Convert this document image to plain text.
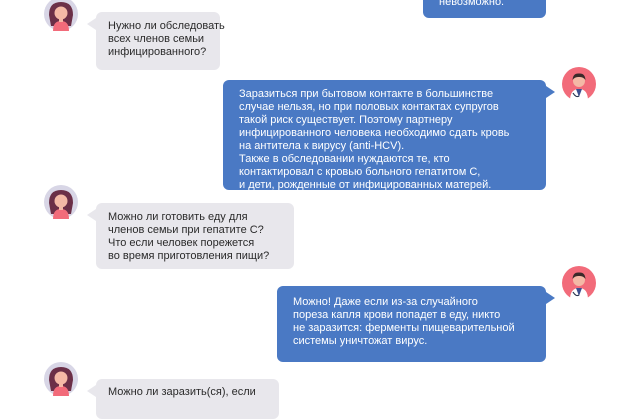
невозможно.
Нужно ли обследовать
всех членов семьи
инфицированного?
Заразиться при бытовом контакте в большинстве
случае нельзя, но при половых контактах супругов
такой риск существует. Поэтому партнеру
инфицированного человека необходимо сдать кровь
на антитела к вирусу (anti-HCV).
Также в обследовании нуждаются те, кто
контактировал с кровью больного гепатитом С,
и дети, рожденные от инфицированных матерей.
Можно ли готовить еду для
членов семьи при гепатите С?
Что если человек порежется
во время приготовления пищи?
Можно! Даже если из-за случайного
пореза капля крови попадет в еду, никто
не заразится: ферменты пищеварительной
системы уничтожат вирус.
Можно ли заразить(ся), если
